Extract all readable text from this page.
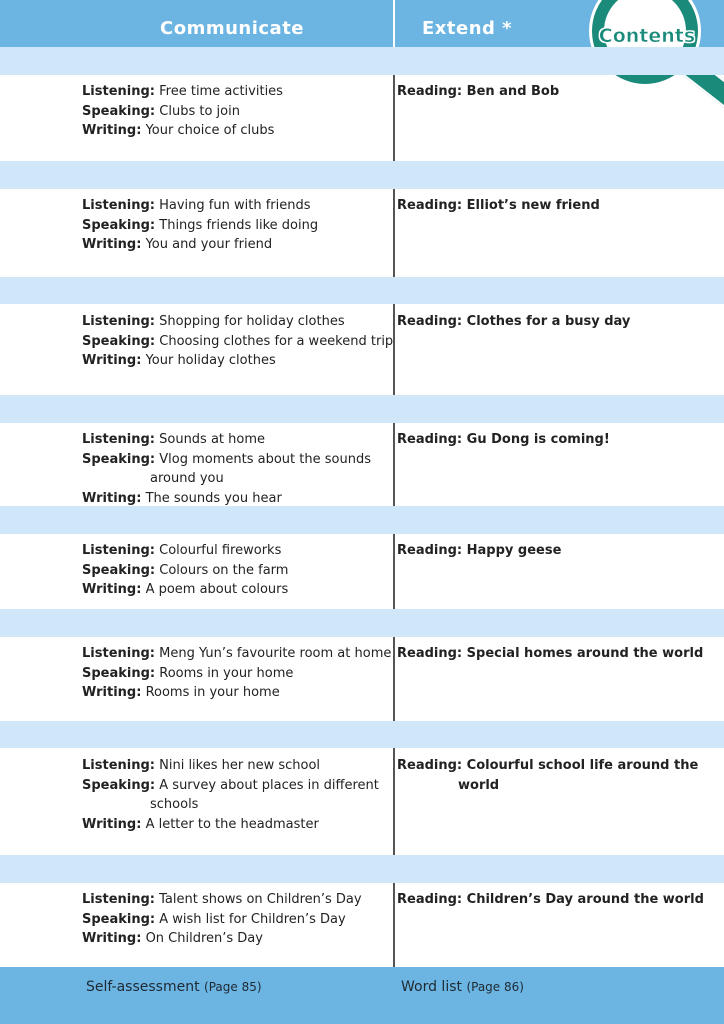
Communicate	Extend *	Contents
Listening: Free time activities
Speaking: Clubs to join
Writing: Your choice of clubs
Reading: Ben and Bob
Listening: Having fun with friends
Speaking: Things friends like doing
Writing: You and your friend
Reading: Elliot’s new friend
Listening: Shopping for holiday clothes
Speaking: Choosing clothes for a weekend trip
Writing: Your holiday clothes
Reading: Clothes for a busy day
Listening: Sounds at home
Speaking: Vlog moments about the sounds
around you
Writing: The sounds you hear
Reading: Gu Dong is coming!
Listening: Colourful fireworks
Speaking: Colours on the farm
Writing: A poem about colours
Reading: Happy geese
Listening: Meng Yun’s favourite room at home
Speaking: Rooms in your home
Writing: Rooms in your home
Reading: Special homes around the world
Listening: Nini likes her new school
Speaking: A survey about places in different
schools
Writing: A letter to the headmaster
Reading: Colourful school life around the
world
Listening: Talent shows on Children’s Day
Speaking: A wish list for Children’s Day
Writing: On Children’s Day
Reading: Children’s Day around the world
Self-assessment (Page 85)	Word list (Page 86)
